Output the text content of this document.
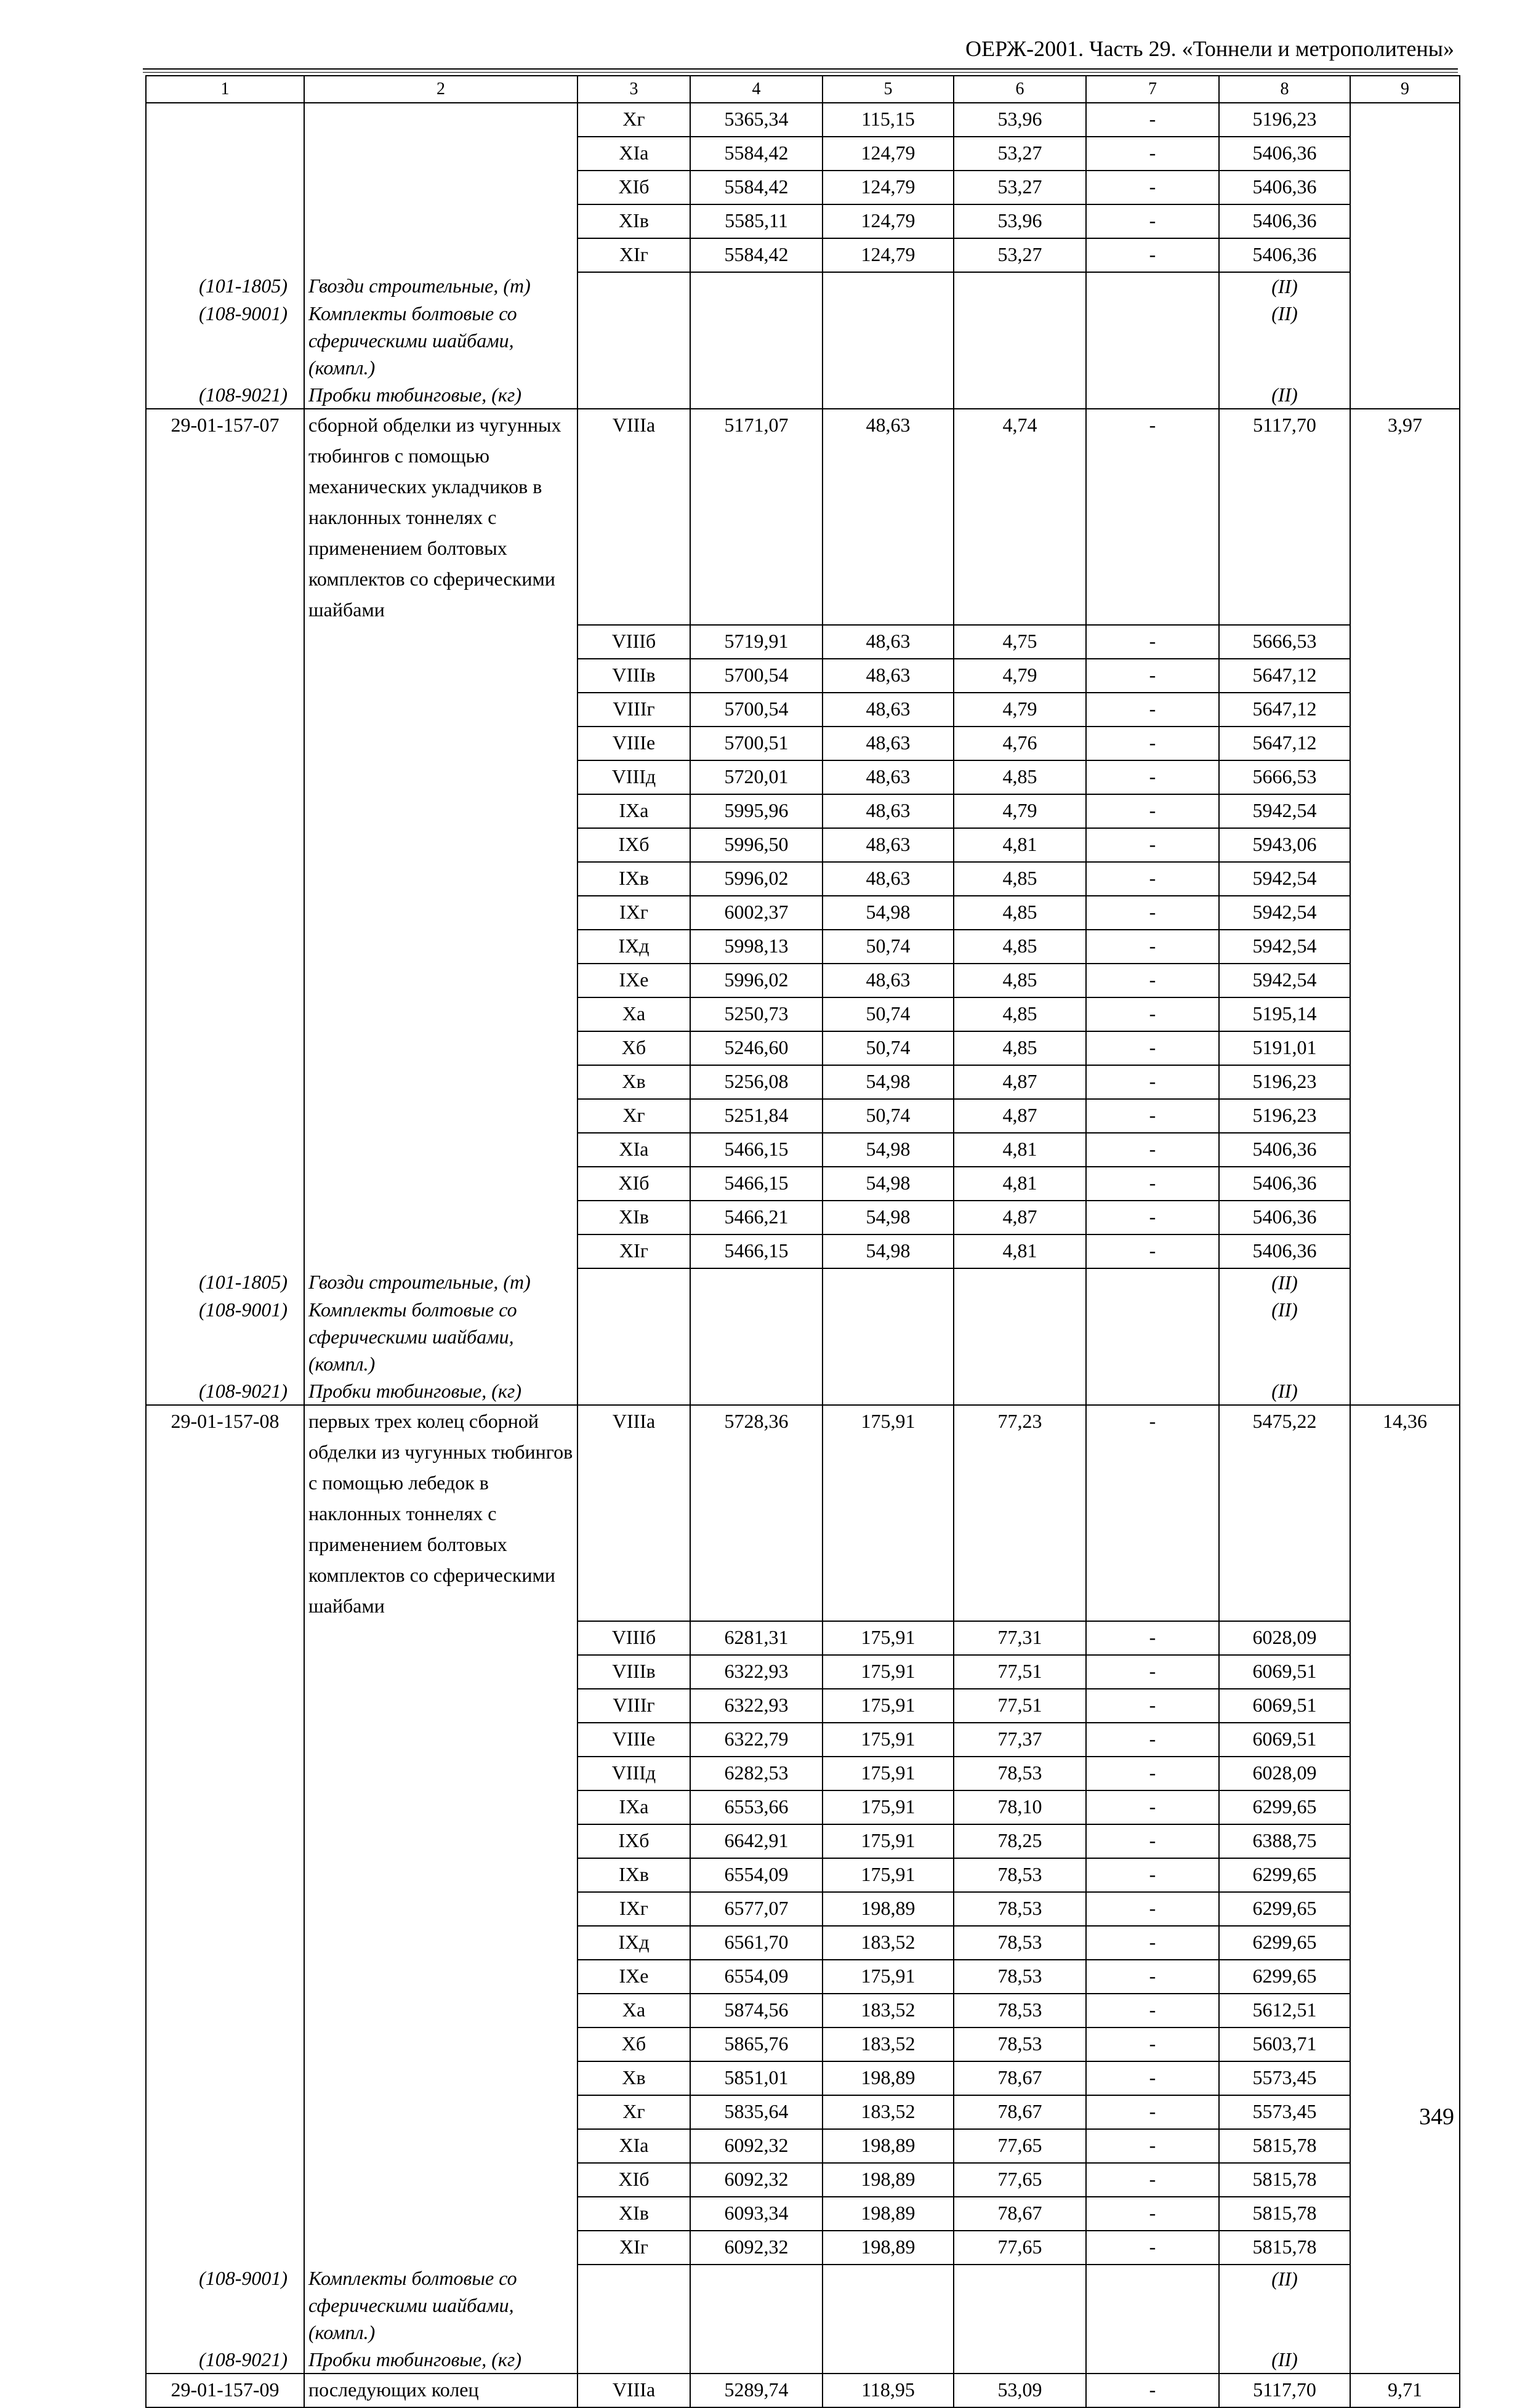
ОЕРЖ-2001. Часть 29. «Тоннели и метрополитены»
1	2	3	4	5	6	7	8	9
		Xг	5365,34	115,15	53,96	-	5196,23	
		XIа	5584,42	124,79	53,27	-	5406,36	
		XIб	5584,42	124,79	53,27	-	5406,36	
		XIв	5585,11	124,79	53,96	-	5406,36	
		XIг	5584,42	124,79	53,27	-	5406,36	
(101-1805)	Гвозди строительные, (т)						(II)	
(108-9001)	Комплекты болтовые со сферическими шайбами, (компл.)						(II)	
(108-9021)	Пробки тюбинговые, (кг)						(II)	
29-01-157-07	сборной обделки из чугунных тюбингов с помощью механических укладчиков в наклонных тоннелях с применением болтовых комплектов со сферическими шайбами	VIIIа	5171,07	48,63	4,74	-	5117,70	3,97
		VIIIб	5719,91	48,63	4,75	-	5666,53	
		VIIIв	5700,54	48,63	4,79	-	5647,12	
		VIIIг	5700,54	48,63	4,79	-	5647,12	
		VIIIе	5700,51	48,63	4,76	-	5647,12	
		VIIIд	5720,01	48,63	4,85	-	5666,53	
		IXа	5995,96	48,63	4,79	-	5942,54	
		IXб	5996,50	48,63	4,81	-	5943,06	
		IXв	5996,02	48,63	4,85	-	5942,54	
		IXг	6002,37	54,98	4,85	-	5942,54	
		IXд	5998,13	50,74	4,85	-	5942,54	
		IXе	5996,02	48,63	4,85	-	5942,54	
		Xа	5250,73	50,74	4,85	-	5195,14	
		Xб	5246,60	50,74	4,85	-	5191,01	
		Xв	5256,08	54,98	4,87	-	5196,23	
		Xг	5251,84	50,74	4,87	-	5196,23	
		XIа	5466,15	54,98	4,81	-	5406,36	
		XIб	5466,15	54,98	4,81	-	5406,36	
		XIв	5466,21	54,98	4,87	-	5406,36	
		XIг	5466,15	54,98	4,81	-	5406,36	
(101-1805)	Гвозди строительные, (т)						(II)	
(108-9001)	Комплекты болтовые со сферическими шайбами, (компл.)						(II)	
(108-9021)	Пробки тюбинговые, (кг)						(II)	
29-01-157-08	первых трех колец сборной обделки из чугунных тюбингов с помощью лебедок в наклонных тоннелях с применением болтовых комплектов со сферическими шайбами	VIIIа	5728,36	175,91	77,23	-	5475,22	14,36
		VIIIб	6281,31	175,91	77,31	-	6028,09	
		VIIIв	6322,93	175,91	77,51	-	6069,51	
		VIIIг	6322,93	175,91	77,51	-	6069,51	
		VIIIе	6322,79	175,91	77,37	-	6069,51	
		VIIIд	6282,53	175,91	78,53	-	6028,09	
		IXа	6553,66	175,91	78,10	-	6299,65	
		IXб	6642,91	175,91	78,25	-	6388,75	
		IXв	6554,09	175,91	78,53	-	6299,65	
		IXг	6577,07	198,89	78,53	-	6299,65	
		IXд	6561,70	183,52	78,53	-	6299,65	
		IXе	6554,09	175,91	78,53	-	6299,65	
		Xа	5874,56	183,52	78,53	-	5612,51	
		Xб	5865,76	183,52	78,53	-	5603,71	
		Xв	5851,01	198,89	78,67	-	5573,45	
		Xг	5835,64	183,52	78,67	-	5573,45	
		XIа	6092,32	198,89	77,65	-	5815,78	
		XIб	6092,32	198,89	77,65	-	5815,78	
		XIв	6093,34	198,89	78,67	-	5815,78	
		XIг	6092,32	198,89	77,65	-	5815,78	
(108-9001)	Комплекты болтовые со сферическими шайбами, (компл.)						(II)	
(108-9021)	Пробки тюбинговые, (кг)						(II)	
29-01-157-09	последующих колец	VIIIа	5289,74	118,95	53,09	-	5117,70	9,71
349
